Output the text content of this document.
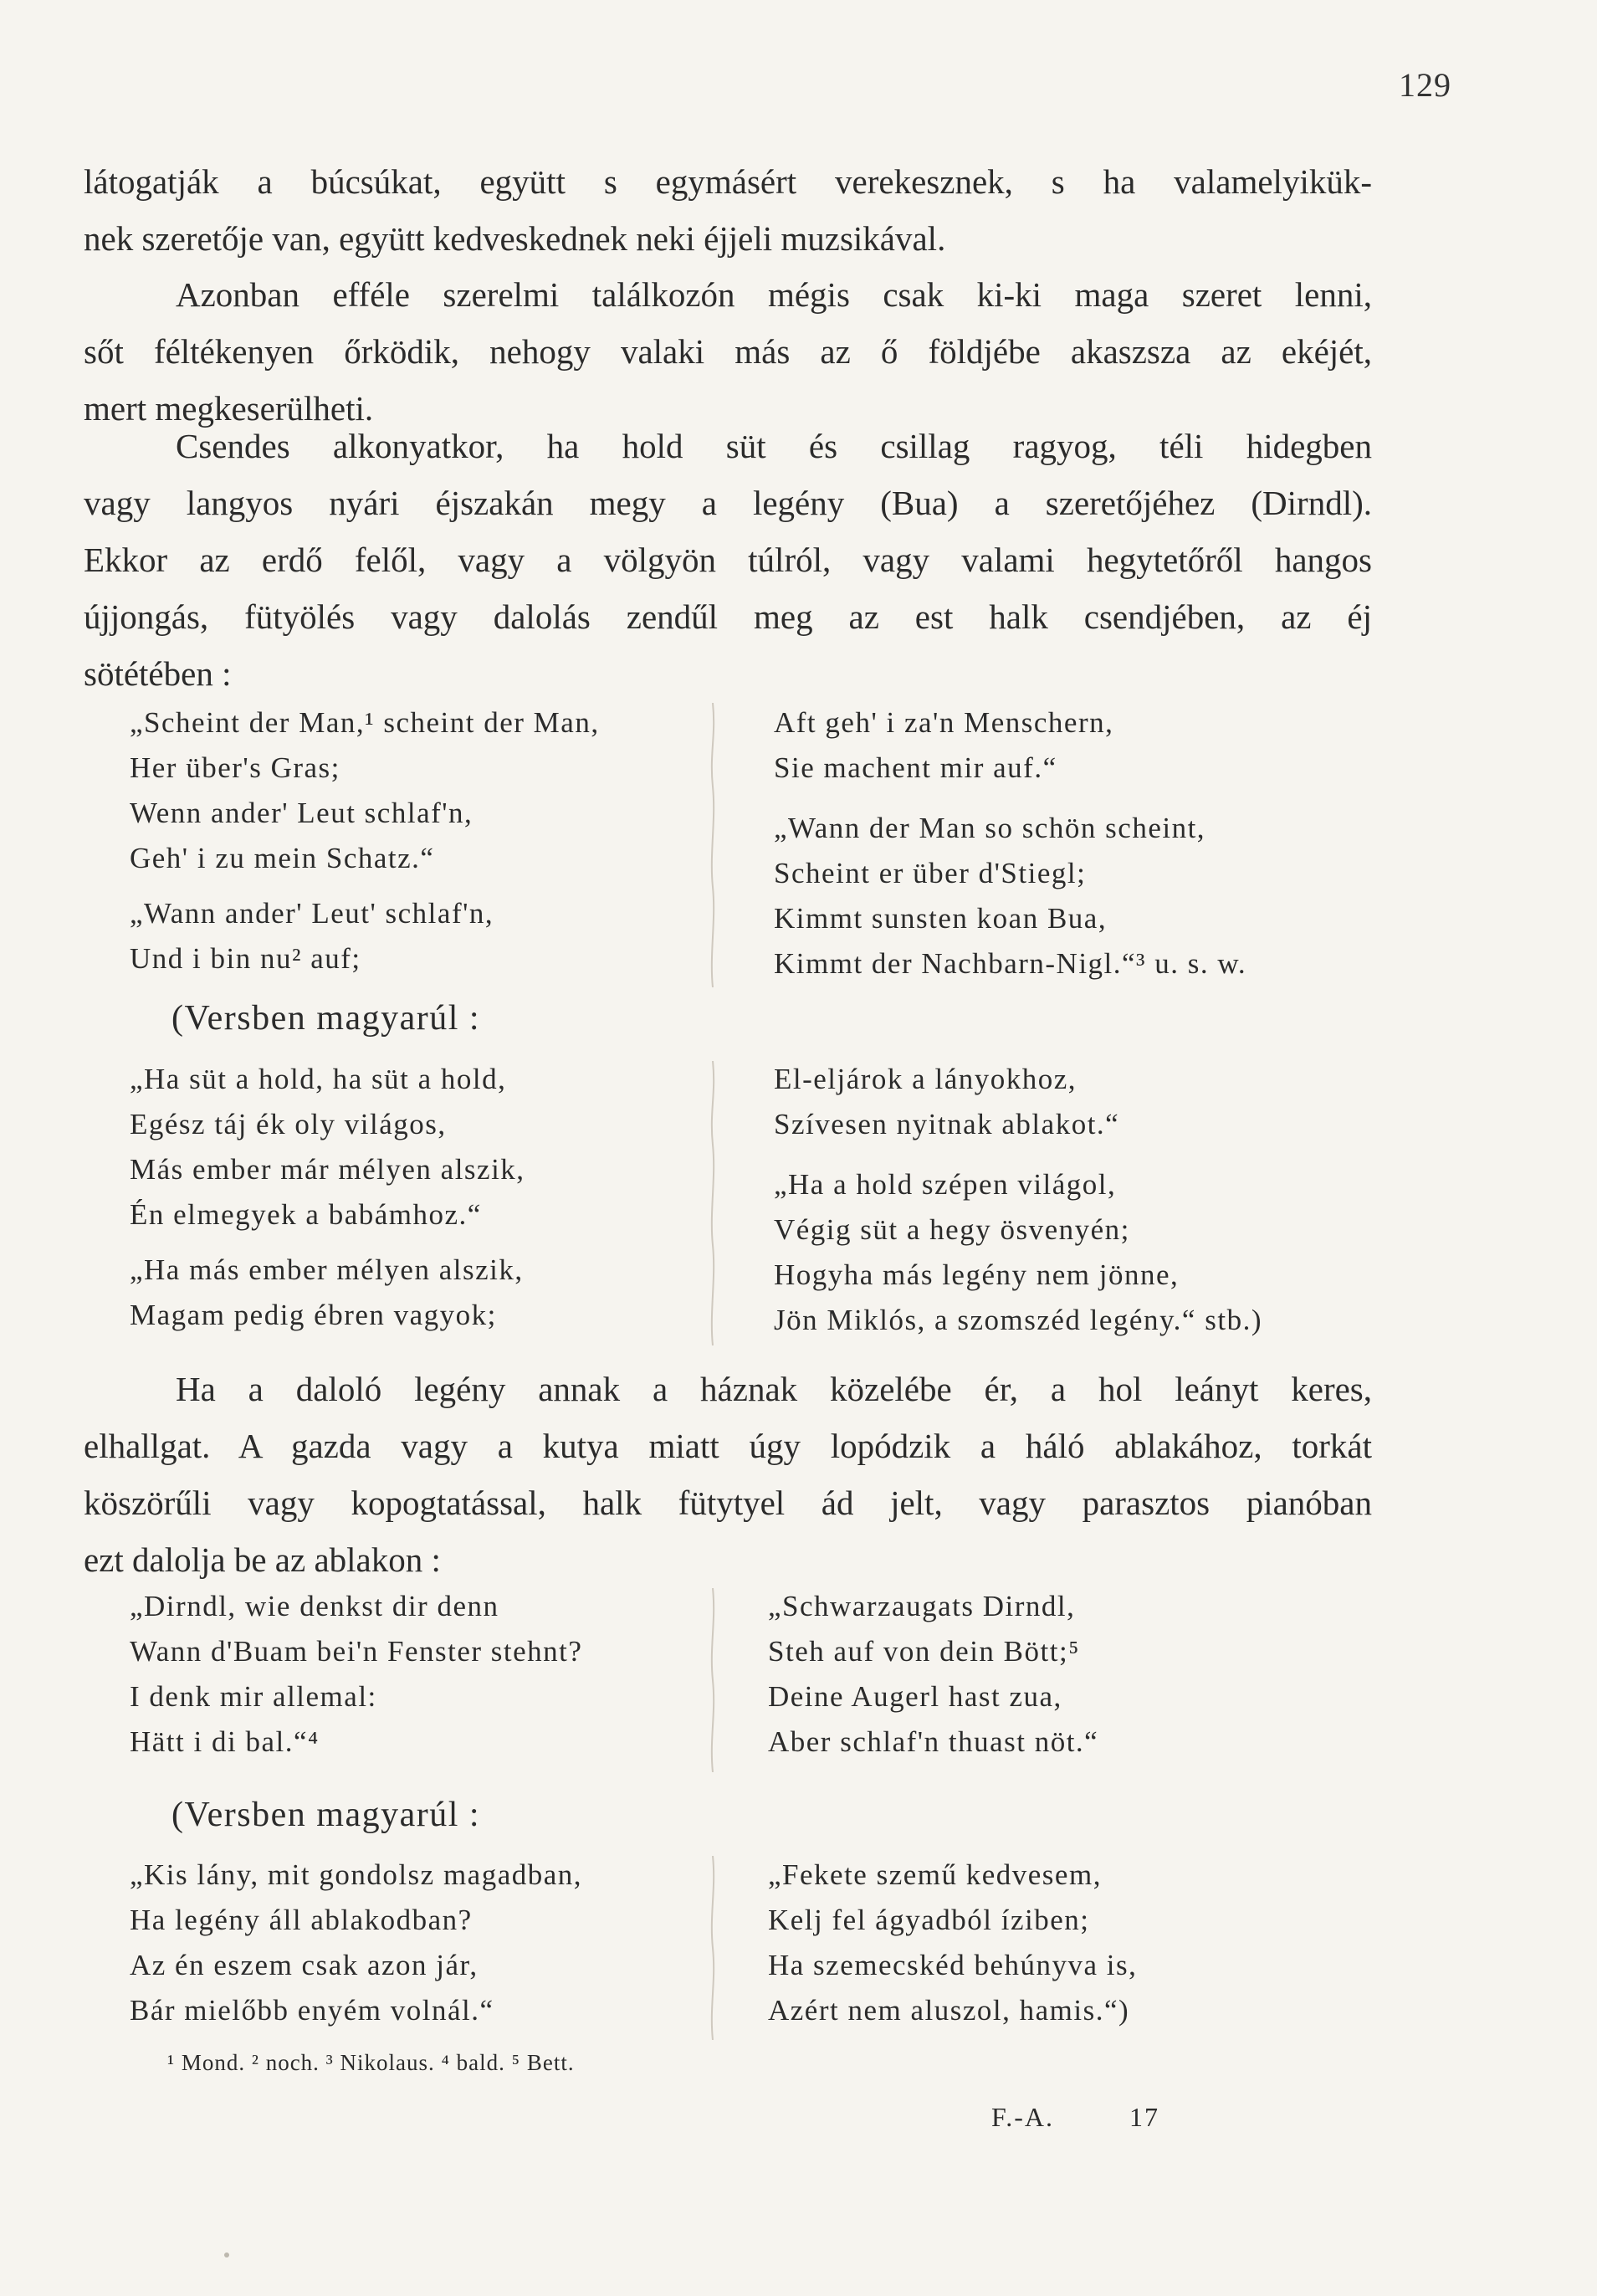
129

látogatják a búcsúkat, együtt s egymásért verekesznek, s ha valamelyikük-
nek szeretője van, együtt kedveskednek neki éjjeli muzsikával.

Azonban efféle szerelmi találkozón mégis csak ki-ki maga szeret lenni,
sőt féltékenyen őrködik, nehogy valaki más az ő földjébe akaszsza az ekéjét,
mert megkeserülheti.

Csendes alkonyatkor, ha hold süt és csillag ragyog, téli hidegben
vagy langyos nyári éjszakán megy a legény (Bua) a szeretőjéhez (Dirndl).
Ekkor az erdő felől, vagy a völgyön túlról, vagy valami hegytetőről hangos
újjongás, fütyölés vagy dalolás zendűl meg az est halk csendjében, az éj
sötétében :

„Scheint der Man,¹ scheint der Man,
Her über's Gras;
Wenn ander' Leut schlaf'n,
Geh' i zu mein Schatz.“
„Wann ander' Leut' schlaf'n,
Und i bin nu² auf;
Aft geh' i za'n Menschern,
Sie machent mir auf.“
„Wann der Man so schön scheint,
Scheint er über d'Stiegl;
Kimmt sunsten koan Bua,
Kimmt der Nachbarn-Nigl.“³ u. s. w.
(Versben magyarúl :
„Ha süt a hold, ha süt a hold,
Egész táj ék oly világos,
Más ember már mélyen alszik,
Én elmegyek a babámhoz.“
„Ha más ember mélyen alszik,
Magam pedig ébren vagyok;
El-eljárok a lányokhoz,
Szívesen nyitnak ablakot.“
„Ha a hold szépen világol,
Végig süt a hegy ösvenyén;
Hogyha más legény nem jönne,
Jön Miklós, a szomszéd legény.“ stb.)

Ha a daloló legény annak a háznak közelébe ér, a hol leányt keres,
elhallgat. A gazda vagy a kutya miatt úgy lopódzik a háló ablakához, torkát
köszörűli vagy kopogtatással, halk fütytyel ád jelt, vagy parasztos pianóban
ezt dalolja be az ablakon :

„Dirndl, wie denkst dir denn
Wann d'Buam bei'n Fenster stehnt?
I denk mir allemal:
Hätt i di bal.“⁴
„Schwarzaugats Dirndl,
Steh auf von dein Bött;⁵
Deine Augerl hast zua,
Aber schlaf'n thuast nöt.“
(Versben magyarúl :
„Kis lány, mit gondolsz magadban,
Ha legény áll ablakodban?
Az én eszem csak azon jár,
Bár mielőbb enyém volnál.“
„Fekete szemű kedvesem,
Kelj fel ágyadból íziben;
Ha szemecskéd behúnyva is,
Azért nem aluszol, hamis.“)
¹ Mond. ² noch. ³ Nikolaus. ⁴ bald. ⁵ Bett.
F.-A.	17
